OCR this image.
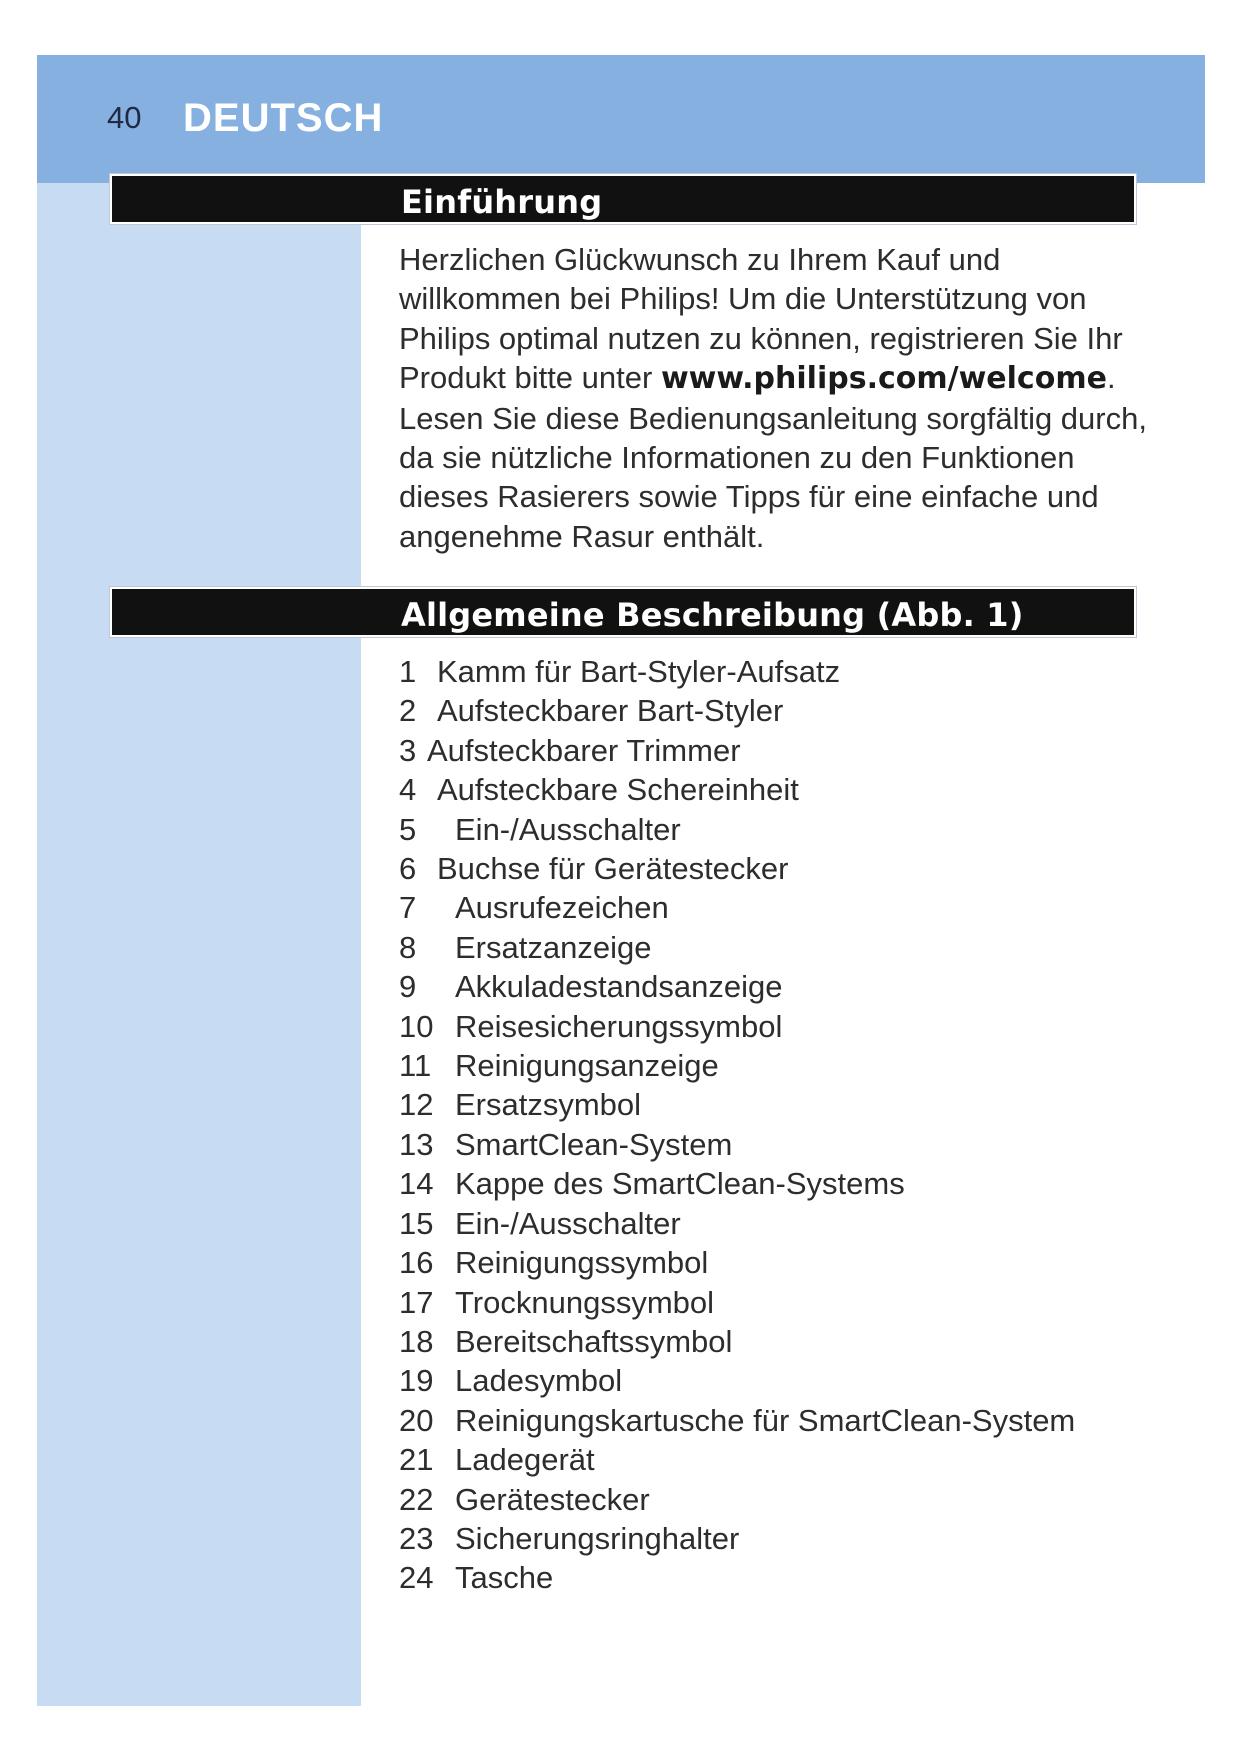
40 DEUTSCH
Einführung
Herzlichen Glückwunsch zu Ihrem Kauf und
willkommen bei Philips! Um die Unterstützung von
Philips optimal nutzen zu können, registrieren Sie Ihr
Produkt bitte unter www.philips.com/welcome.
Lesen Sie diese Bedienungsanleitung sorgfältig durch,
da sie nützliche Informationen zu den Funktionen
dieses Rasierers sowie Tipps für eine einfache und
angenehme Rasur enthält.
Allgemeine Beschreibung (Abb. 1)
1 Kamm für Bart-Styler-Aufsatz
2 Aufsteckbarer Bart-Styler
3 Aufsteckbarer Trimmer
4 Aufsteckbare Schereinheit
5	Ein-/Ausschalter
6 Buchse für Gerätestecker
7	Ausrufezeichen
8	Ersatzanzeige
9	Akkuladestandsanzeige
10 Reisesicherungssymbol
11 Reinigungsanzeige
12 Ersatzsymbol
13 SmartClean-System
14 Kappe des SmartClean-Systems
15 Ein-/Ausschalter
16 Reinigungssymbol
17 Trocknungssymbol
18 Bereitschaftssymbol
19 Ladesymbol
20 Reinigungskartusche für SmartClean-System
21 Ladegerät
22 Gerätestecker
23 Sicherungsringhalter
24 Tasche
